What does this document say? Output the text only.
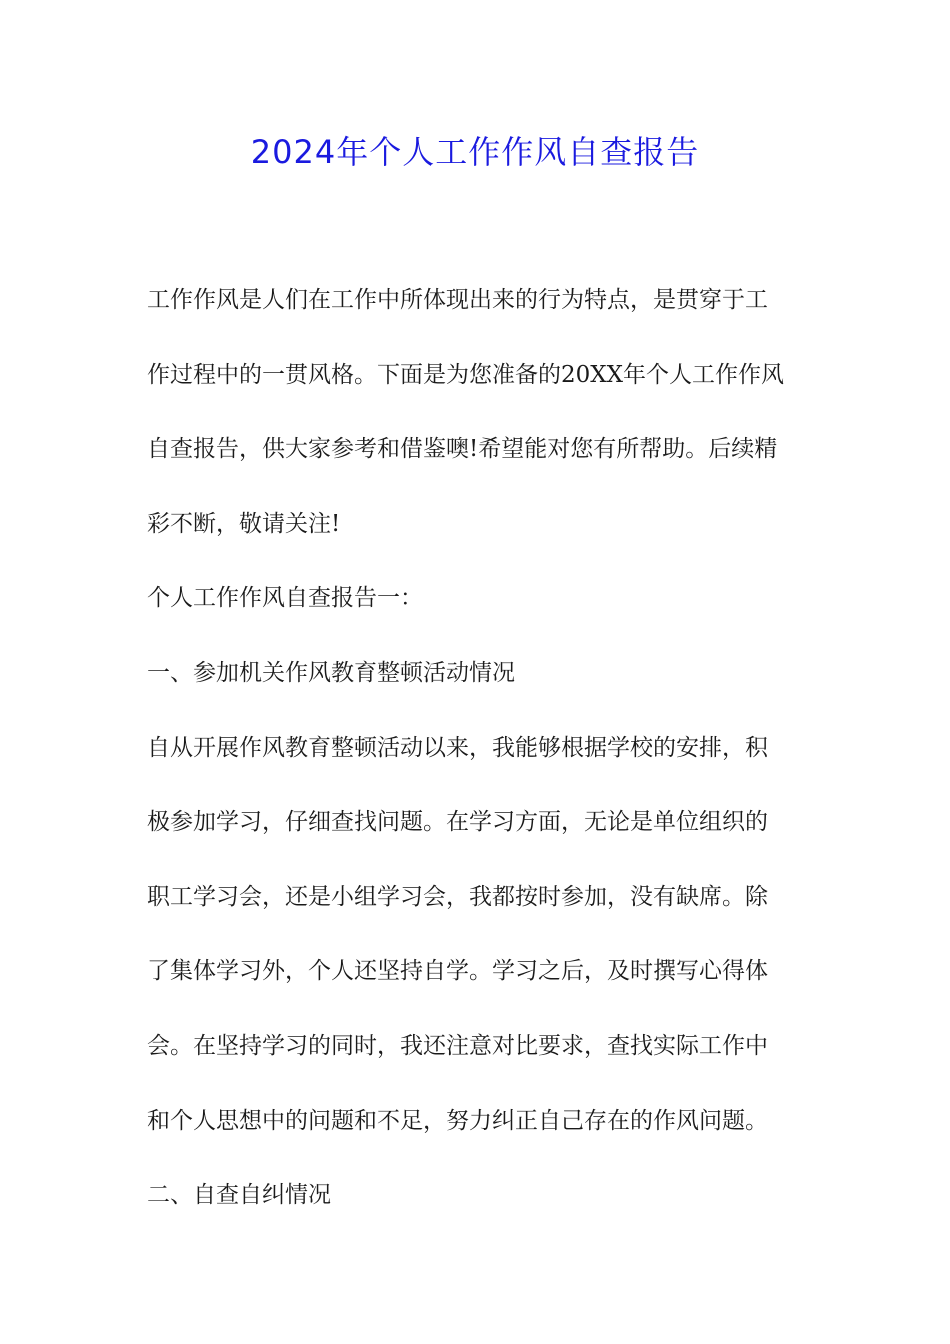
2024年个人工作作风自查报告
工作作风是人们在工作中所体现出来的行为特点，是贯穿于工
作过程中的一贯风格。下面是为您准备的20XX年个人工作作风
自查报告，供大家参考和借鉴噢!希望能对您有所帮助。后续精
彩不断，敬请关注!
个人工作作风自查报告一：
一、参加机关作风教育整顿活动情况
自从开展作风教育整顿活动以来，我能够根据学校的安排，积
极参加学习，仔细查找问题。在学习方面，无论是单位组织的
职工学习会，还是小组学习会，我都按时参加，没有缺席。除
了集体学习外，个人还坚持自学。学习之后，及时撰写心得体
会。在坚持学习的同时，我还注意对比要求，查找实际工作中
和个人思想中的问题和不足，努力纠正自己存在的作风问题。
二、自查自纠情况
